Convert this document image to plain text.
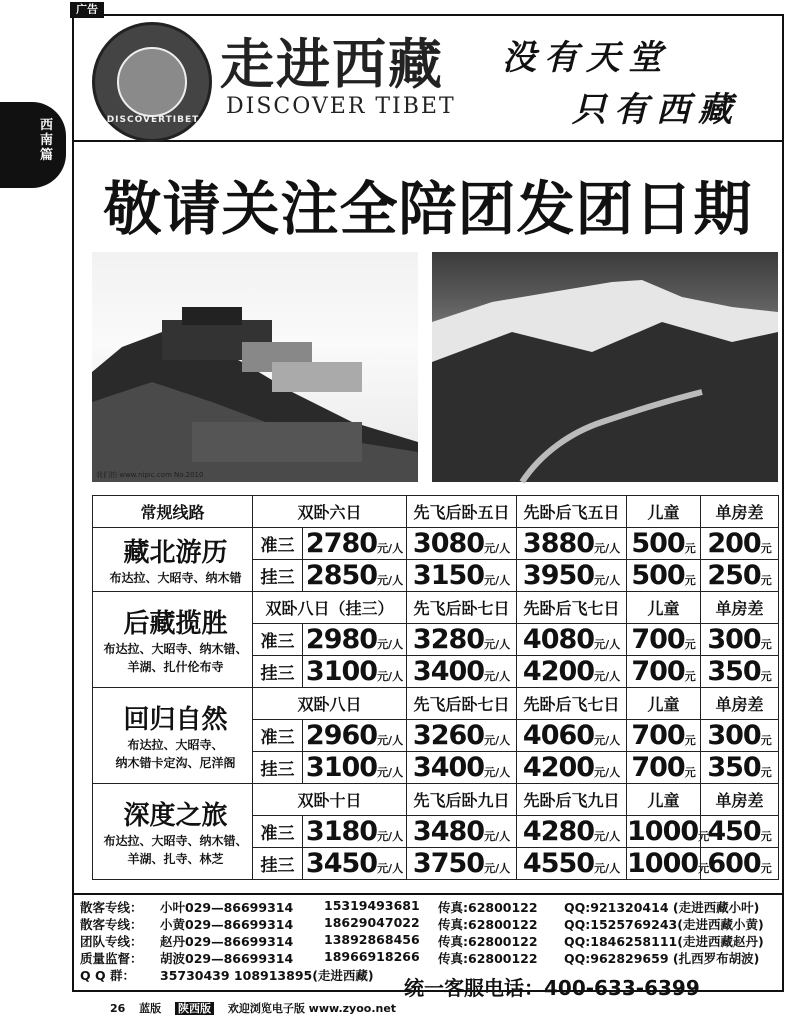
广告
西
南
篇
DISCOVERTIBET
走进西藏
DISCOVER TIBET
没有天堂
只有西藏
敬请关注全陪团发团日期
我们拍 www.nipic.com No.2010
常规线路	双卧六日		先飞后卧五日	先卧后飞五日	儿童	单房差

藏北游历
布达拉、大昭寺、纳木错	准三	2780元/人	3080元/人	3880元/人	500元	200元
	挂三	2850元/人	3150元/人	3950元/人	500元	250元

后藏揽胜
布达拉、大昭寺、纳木错、
羊湖、扎什伦布寺	双卧八日（挂三）		先飞后卧七日	先卧后飞七日	儿童	单房差
	准三	2980元/人	3280元/人	4080元/人	700元	300元
	挂三	3100元/人	3400元/人	4200元/人	700元	350元

回归自然
布达拉、大昭寺、
纳木错卡定沟、尼洋阁	双卧八日		先飞后卧七日	先卧后飞七日	儿童	单房差
	准三	2960元/人	3260元/人	4060元/人	700元	300元
	挂三	3100元/人	3400元/人	4200元/人	700元	350元

深度之旅
布达拉、大昭寺、纳木错、
羊湖、扎寺、林芝	双卧十日		先飞后卧九日	先卧后飞九日	儿童	单房差
	准三	3180元/人	3480元/人	4280元/人	1000元	450元
	挂三	3450元/人	3750元/人	4550元/人	1000元	600元
散客专线： 小叶029—86699314 15319493681 传真:62800122 QQ:921320414 (走进西藏小叶)
散客专线： 小黄029—86699314 18629047022 传真:62800122 QQ:1525769243(走进西藏小黄)
团队专线： 赵丹029—86699314 13892868456 传真:62800122 QQ:1846258111(走进西藏赵丹)
质量监督： 胡波029—86699314 18966918266 传真:62800122 QQ:962829659 (扎西罗布胡波)
Q Q 群： 35730439 108913895(走进西藏)
统一客服电话：400-633-6399
26 蓝版 陕西版 欢迎浏览电子版 www.zyoo.net
